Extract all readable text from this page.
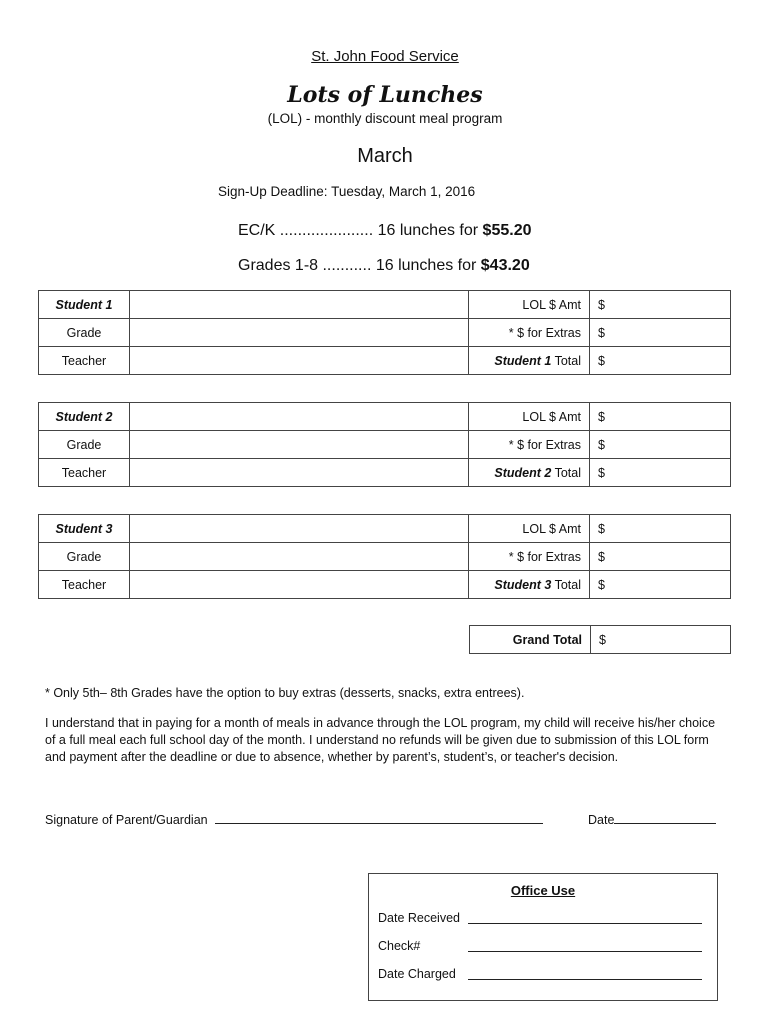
St. John Food Service
Lots of Lunches
(LOL) - monthly discount meal program
March
Sign-Up Deadline: Tuesday, March 1, 2016
EC/K ..................... 16 lunches for $55.20
Grades 1-8 ........... 16 lunches for $43.20
Student 1		LOL $ Amt	$
Grade		* $ for Extras	$
Teacher		Student 1 Total	$
Student 2		LOL $ Amt	$
Grade		* $ for Extras	$
Teacher		Student 2 Total	$
Student 3		LOL $ Amt	$
Grade		* $ for Extras	$
Teacher		Student 3 Total	$
Grand Total	$
* Only 5th– 8th Grades have the option to buy extras (desserts, snacks, extra entrees).
I understand that in paying for a month of meals in advance through the LOL program, my child will receive his/her choice of a full meal each full school day of the month. I understand no refunds will be given due to submission of this LOL form and payment after the deadline or due to absence, whether by parent’s, student’s, or teacher's decision.
Signature of Parent/Guardian	Date
Office Use
Date Received
Check#
Date Charged
